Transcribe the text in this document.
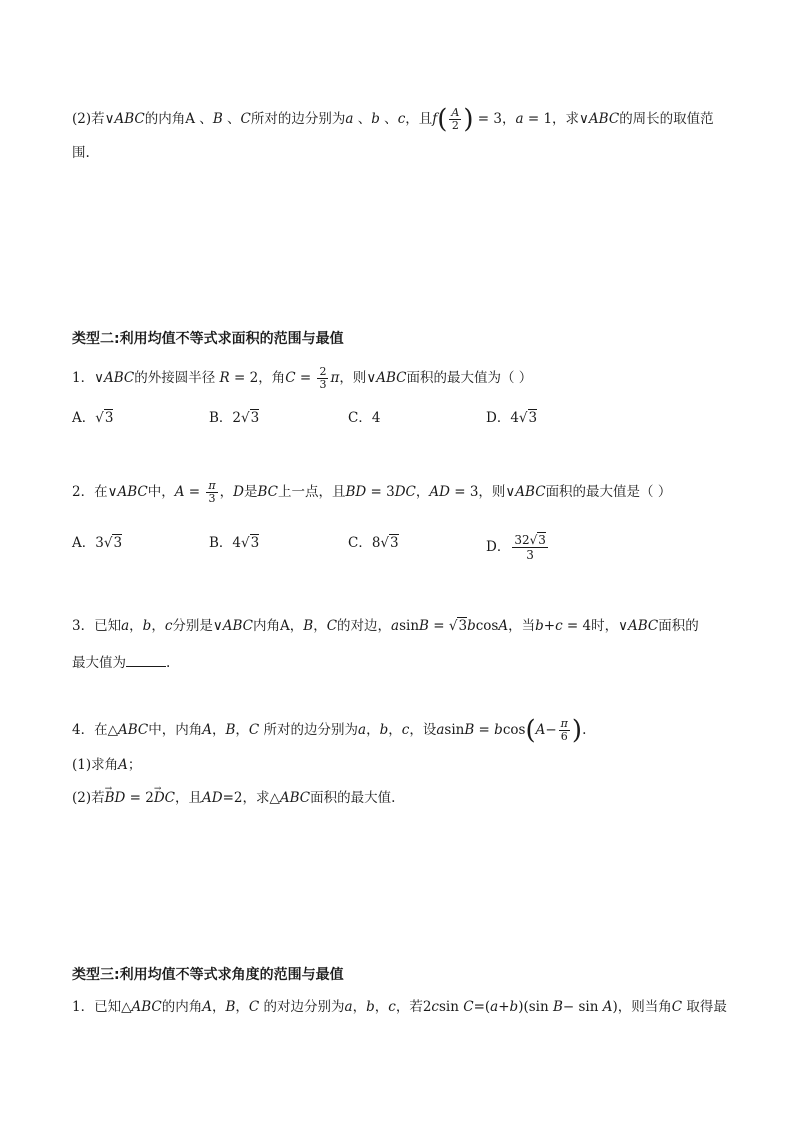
(2)若∨ABC的内角A 、B 、C所对的边分别为a 、b 、c，且$f( \frac{A}{2}$ ) = 3，a = 1，求∨ABC的周长的取值范
围.
类型二:利用均值不等式求面积的范围与最值
1．∨ABC的外接圆半径 R = 2，角$C = \frac{2}{3}$ π，则∨ABC面积的最大值为（ ）
A．√3	B．2√3	C．4	D．4√3
2．在∨ABC中，$A = \frac{\pi}{3}$ ，D是BC上一点，且BD = 3DC，AD = 3，则∨ABC面积的最大值是（ ）
A．3√3	B．4√3	C．8√3	D． $\frac{32√3}{3}$
3．已知a，b，c分别是∨ABC内角A，B，C的对边，asinB = √3bcosA，当b+c = 4时，∨ABC面积的
最大值为	.
4．在△ABC中，内角A，B，C 所对的边分别为a，b，c，设$asinB = bcos(A- \frac{\pi}{6}$ ).
(1)求角A；
(2)若→ BD = 2→ DC，且AD=2，求△ABC面积的最大值.
类型三:利用均值不等式求角度的范围与最值
1．已知△ABC的内角A，B，C 的对边分别为a，b，c，若2csin C=(a+b)(sin B− sin A)，则当角C 取得最
